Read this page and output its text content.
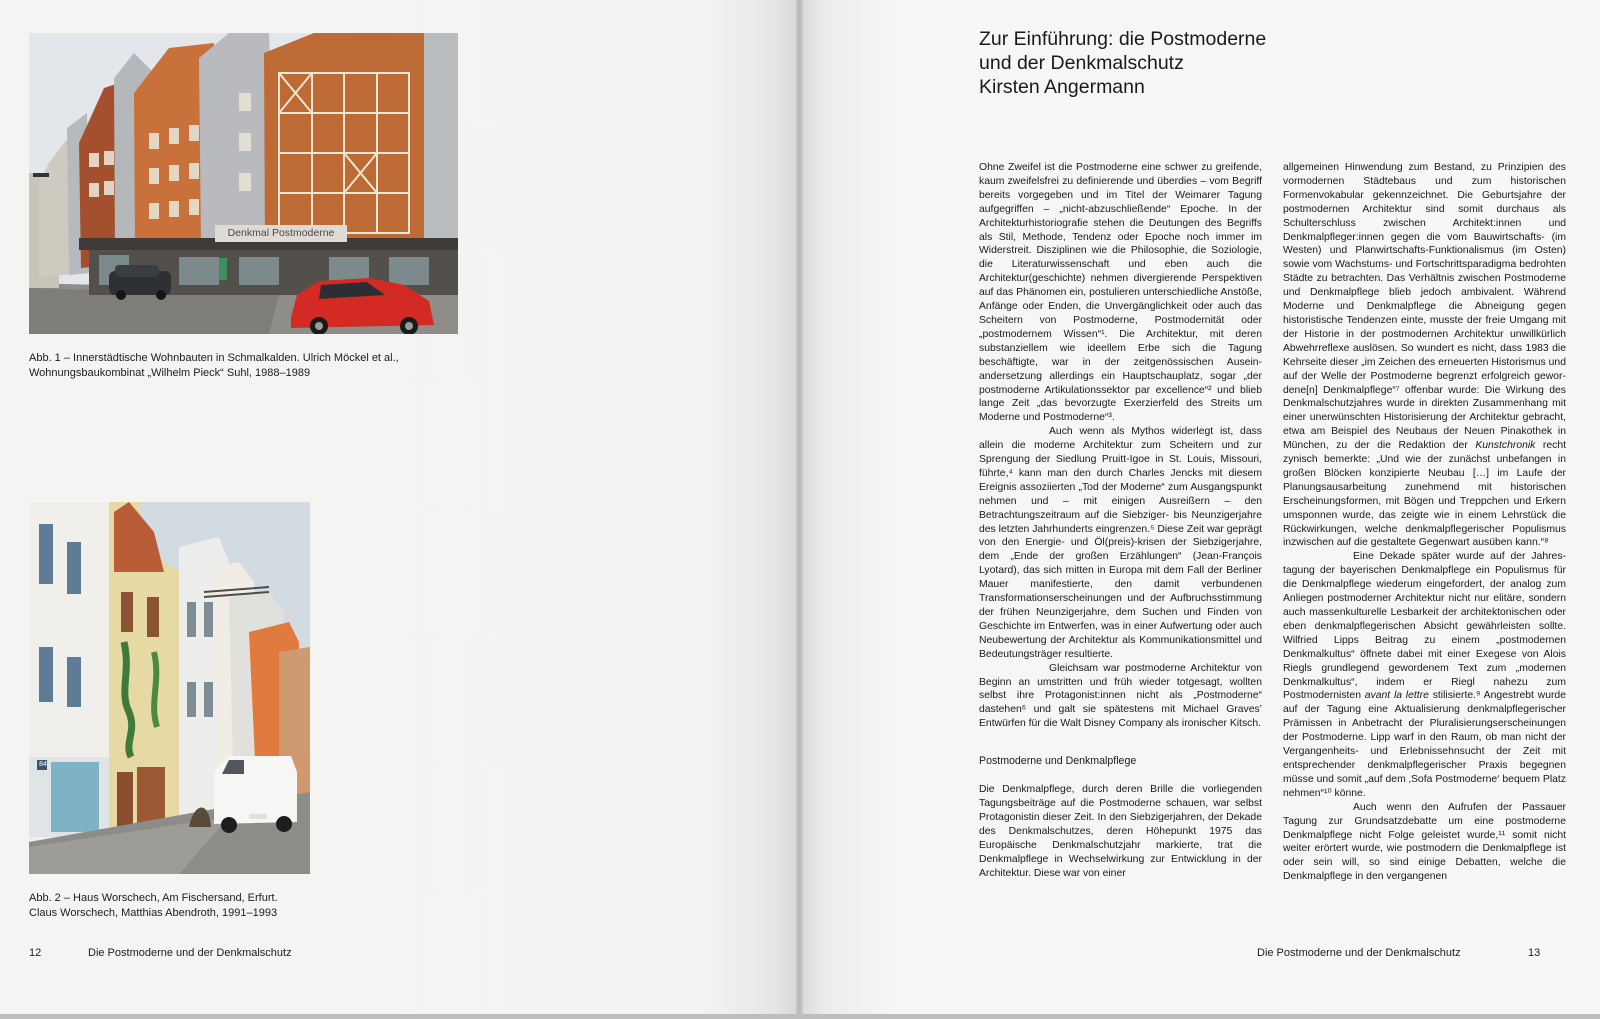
Denkmal Postmoderne
Abb. 1 – Innerstädtische Wohnbauten in Schmalkalden. Ulrich Möckel et al.,
Wohnungsbaukombinat „Wilhelm Pieck“ Suhl, 1988–1989
84
Abb. 2 – Haus Worschech, Am Fischersand, Erfurt.
Claus Worschech, Matthias Abendroth, 1991–1993
12	Die Postmoderne und der Denkmalschutz
Zur Einführung: die Postmoderne
und der Denkmalschutz
Kirsten Angermann

Ohne Zweifel ist die Postmoderne eine schwer zu greifende, kaum zweifelsfrei zu definierende und überdies – vom Begriff bereits vorgegeben und im Titel der Weimarer Tagung aufgegriffen – „nicht-abzuschließende“ Epoche. In der Architekturhistoriografie stehen die Deutungen des Begriffs als Stil, Methode, Tendenz oder Epoche noch immer im Widerstreit. Disziplinen wie die Philosophie, die Soziologie, die Literaturwissenschaft und eben auch die Architektur(geschichte) nehmen divergierende Perspektiven auf das Phänomen ein, postulieren unterschiedliche Anstöße, Anfänge oder Enden, die Unvergänglichkeit oder auch das Scheitern von Postmoderne, Postmodernität oder „postmodernem Wissen“¹. Die Architektur, mit deren substanziellem wie ideellem Erbe sich die Tagung beschäftigte, war in der zeitgenössischen Auseinandersetzung allerdings ein Hauptschauplatz, sogar „der postmoderne Artikulationssektor par excellence“² und blieb lange Zeit „das bevorzugte Exerzierfeld des Streits um Moderne und Postmoderne“³.

Auch wenn als Mythos widerlegt ist, dass allein die moderne Architektur zum Scheitern und zur Sprengung der Siedlung Pruitt-Igoe in St. Louis, Missouri, führte,⁴ kann man den durch Charles Jencks mit diesem Ereignis assoziierten „Tod der Moderne“ zum Ausgangspunkt nehmen und – mit einigen Ausreißern – den Betrachtungszeitraum auf die Siebziger- bis Neunzigerjahre des letzten Jahrhunderts eingrenzen.⁵ Diese Zeit war geprägt von den Energie- und Öl(preis)-krisen der Siebzigerjahre, dem „Ende der großen Erzählungen“ (Jean-François Lyotard), das sich mitten in Europa mit dem Fall der Berliner Mauer manifestierte, den damit verbundenen Transformationserscheinungen und der Aufbruchsstimmung der frühen Neunzigerjahre, dem Suchen und Finden von Geschichte im Entwerfen, was in einer Aufwertung oder auch Neubewertung der Architektur als Kommunikationsmittel und Bedeutungsträger resultierte.

Gleichsam war postmoderne Architektur von Beginn an umstritten und früh wieder totgesagt, wollten selbst ihre Protagonist:innen nicht als „Postmoderne“ dastehen⁶ und galt sie spätestens mit Michael Graves’ Entwürfen für die Walt Disney Company als ironischer Kitsch.

Postmoderne und Denkmalpflege

Die Denkmalpflege, durch deren Brille die vorliegenden Tagungsbeiträge auf die Postmoderne schauen, war selbst Protagonistin dieser Zeit. In den Siebzigerjahren, der Dekade des Denkmalschutzes, deren Höhepunkt 1975 das Europäische Denkmalschutzjahr markierte, trat die Denkmalpflege in Wechselwirkung zur Entwicklung in der Architektur. Diese war von einer

allgemeinen Hinwendung zum Bestand, zu Prinzipien des vormodernen Städtebaus und zum historischen Formenvokabular gekennzeichnet. Die Geburtsjahre der postmodernen Architektur sind somit durchaus als Schulterschluss zwischen Architekt:innen und Denkmalpfleger:innen gegen die vom Bauwirtschafts- (im Westen) und Planwirtschafts-Funktionalismus (im Osten) sowie vom Wachstums- und Fortschrittsparadigma bedrohten Städte zu betrachten. Das Verhältnis zwischen Postmoderne und Denkmalpflege blieb jedoch ambivalent. Während Moderne und Denkmalpflege die Abneigung gegen historistische Tendenzen einte, musste der freie Umgang mit der Historie in der postmodernen Architektur unwillkürlich Abwehrreflexe auslösen. So wundert es nicht, dass 1983 die Kehrseite dieser „im Zeichen des erneuerten Historismus und auf der Welle der Postmoderne begrenzt erfolgreich gewordene[n] Denkmalpflege“⁷ offenbar wurde: Die Wirkung des Denkmalschutzjahres wurde in direkten Zusammenhang mit einer unerwünschten Historisierung der Architektur gebracht, etwa am Beispiel des Neubaus der Neuen Pinakothek in München, zu der die Redaktion der Kunstchronik recht zynisch bemerkte: „Und wie der zunächst unbefangen in großen Blöcken konzipierte Neubau […] im Laufe der Planungsausarbeitung zunehmend mit historischen Erscheinungsformen, mit Bögen und Treppchen und Erkern umsponnen wurde, das zeigte wie in einem Lehrstück die Rückwirkungen, welche denkmalpflegerischer Populismus inzwischen auf die gestaltete Gegenwart ausüben kann.“⁸

Eine Dekade später wurde auf der Jahrestagung der bayerischen Denkmalpflege ein Populismus für die Denkmalpflege wiederum eingefordert, der analog zum Anliegen postmoderner Architektur nicht nur elitäre, sondern auch massenkulturelle Lesbarkeit der architektonischen oder eben denkmalpflegerischen Absicht gewährleisten sollte. Wilfried Lipps Beitrag zu einem „postmodernen Denkmalkultus“ öffnete dabei mit einer Exegese von Alois Riegls grundlegend gewordenem Text zum „modernen Denkmalkultus“, indem er Riegl nahezu zum Postmodernisten avant la lettre stilisierte.⁹ Angestrebt wurde auf der Tagung eine Aktualisierung denkmalpflegerischer Prämissen in Anbetracht der Pluralisierungserscheinungen der Postmoderne. Lipp warf in den Raum, ob man nicht der Vergangenheits- und Erlebnissehnsucht der Zeit mit entsprechender denkmalpflegerischer Praxis begegnen müsse und somit „auf dem ‚Sofa Postmoderne‘ bequem Platz nehmen“¹⁰ könne.

Auch wenn den Aufrufen der Passauer Tagung zur Grundsatzdebatte um eine postmoderne Denkmalpflege nicht Folge geleistet wurde,¹¹ somit nicht weiter erörtert wurde, wie postmodern die Denkmalpflege ist oder sein will, so sind einige Debatten, welche die Denkmalpflege in den vergangenen

Die Postmoderne und der Denkmalschutz	13
